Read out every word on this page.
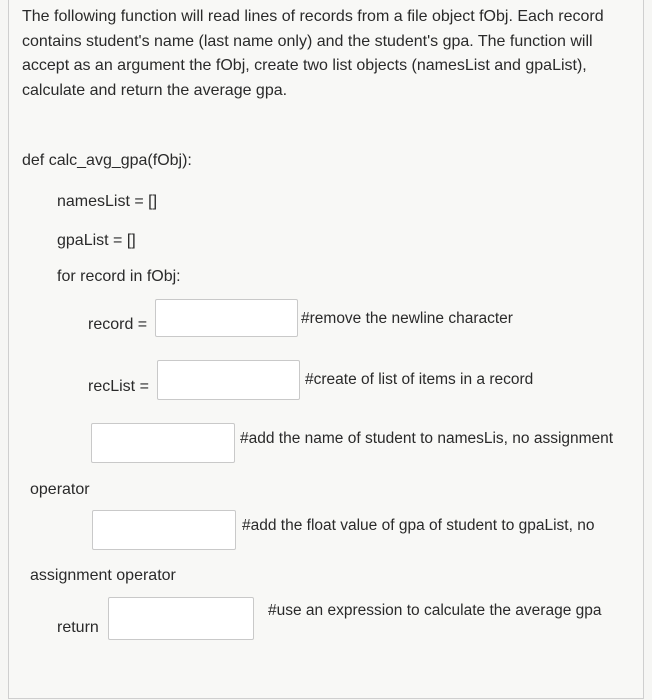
The following function will read lines of records from a file object fObj. Each record contains student's name (last name only) and the student's gpa. The function will accept as an argument the fObj, create two list objects (namesList and gpaList), calculate and return the average gpa.
def calc_avg_gpa(fObj):
namesList = []
gpaList = []
for record in fObj:
record =	#remove the newline character
recList =	#create of list of items in a record
#add the name of student to namesLis, no assignment
operator
#add the float value of gpa of student to gpaList, no
assignment operator
return
#use an expression to calculate the average gpa
